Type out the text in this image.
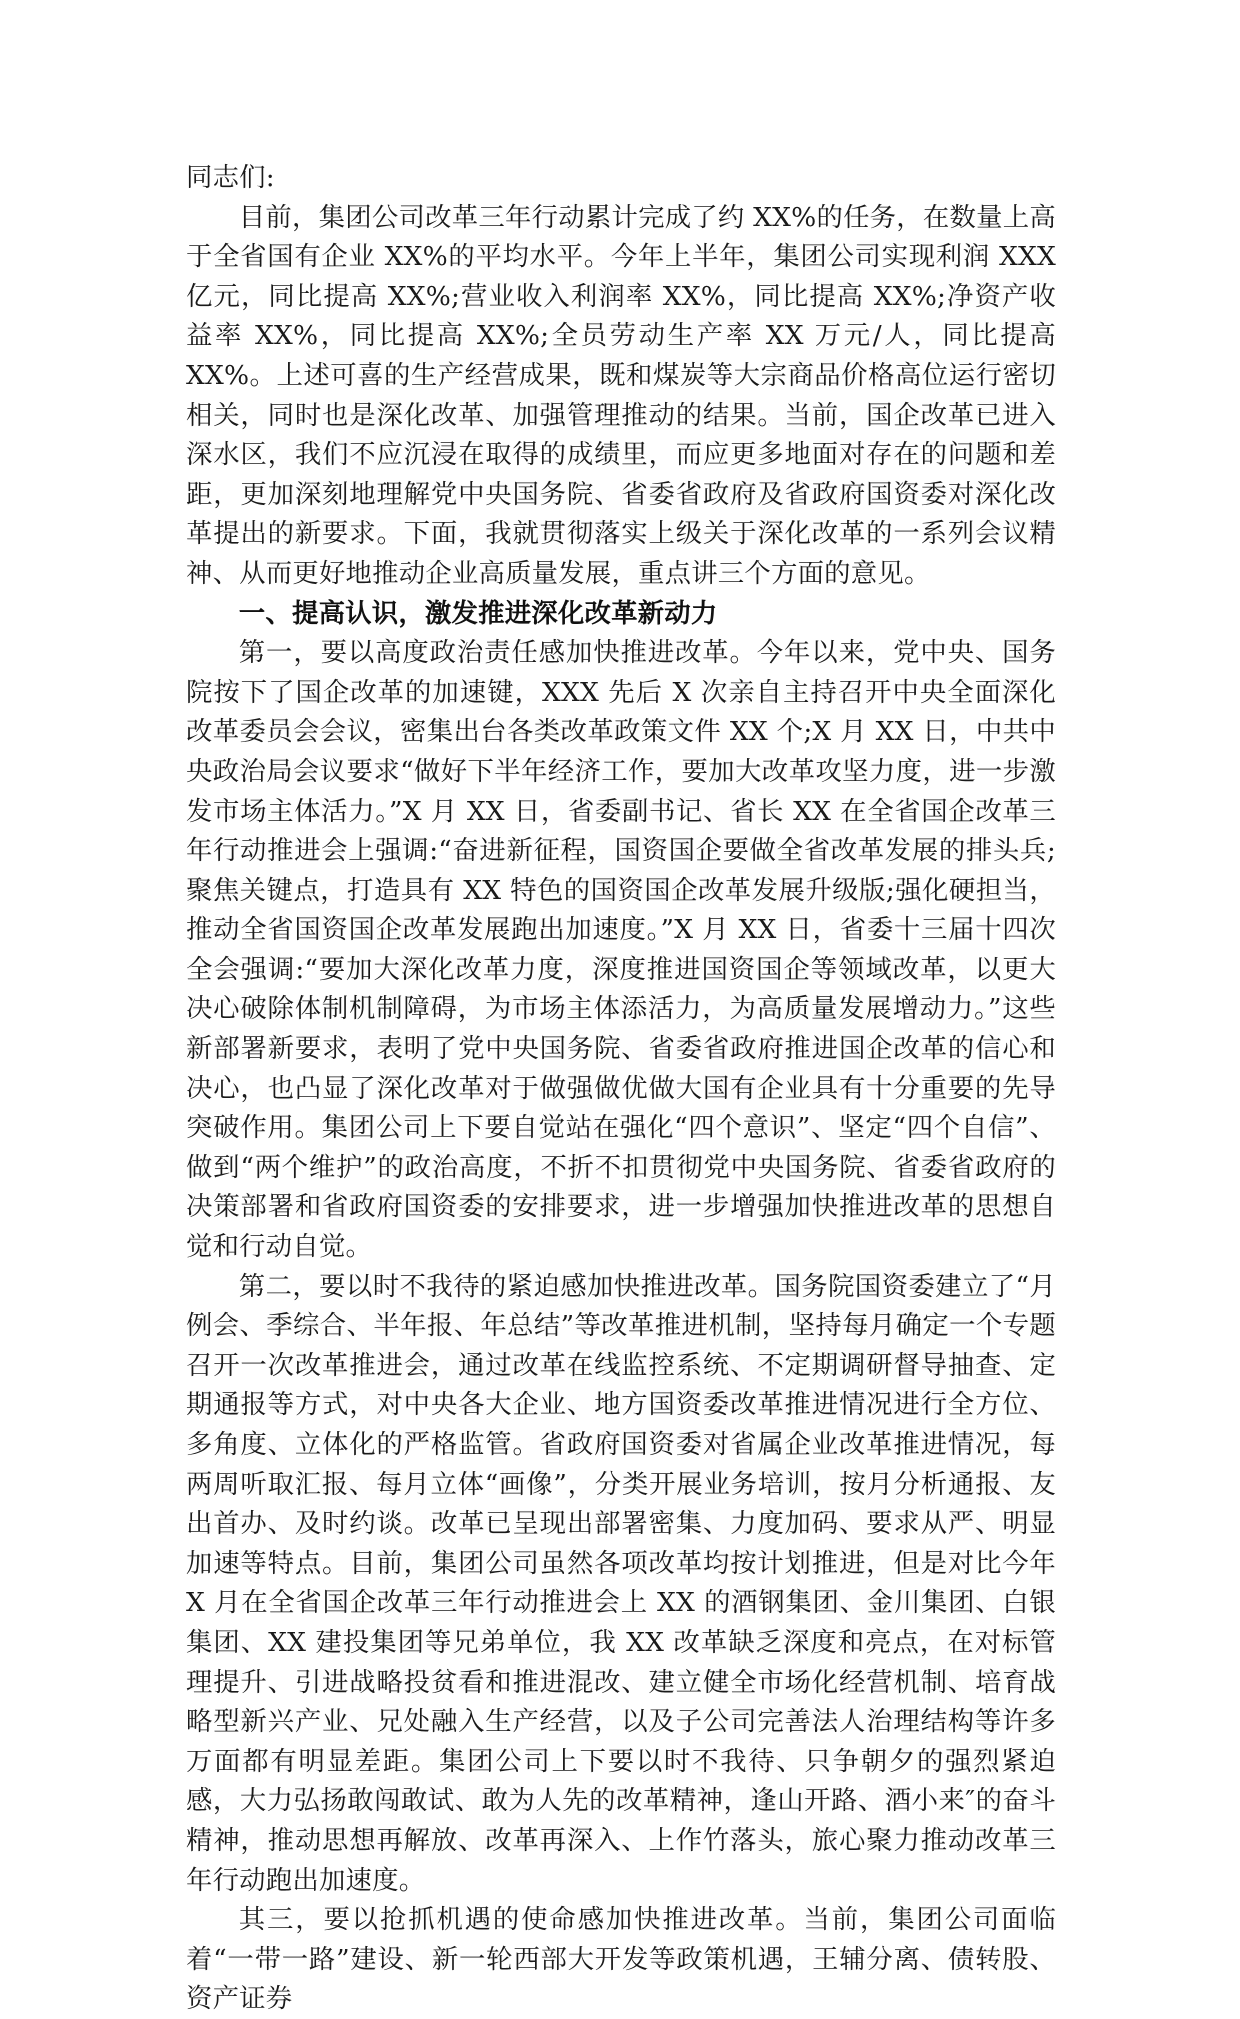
同志们:

目前，集团公司改革三年行动累计完成了约 XX%的任务，在数量上高于全省国有企业 XX%的平均水平。今年上半年，集团公司实现利润 XXX 亿元，同比提高 XX%;营业收入利润率 XX%，同比提高 XX%;净资产收益率 XX%，同比提高 XX%;全员劳动生产率 XX 万元/人，同比提高 XX%。上述可喜的生产经营成果，既和煤炭等大宗商品价格高位运行密切相关，同时也是深化改革、加强管理推动的结果。当前，国企改革已进入深水区，我们不应沉浸在取得的成绩里，而应更多地面对存在的问题和差距，更加深刻地理解党中央国务院、省委省政府及省政府国资委对深化改革提出的新要求。下面，我就贯彻落实上级关于深化改革的一系列会议精神、从而更好地推动企业高质量发展，重点讲三个方面的意见。

一、提高认识，激发推进深化改革新动力

第一，要以高度政治责任感加快推进改革。今年以来，党中央、国务院按下了国企改革的加速键，XXX 先后 X 次亲自主持召开中央全面深化改革委员会会议，密集出台各类改革政策文件 XX 个;X 月 XX 日，中共中央政治局会议要求“做好下半年经济工作，要加大改革攻坚力度，进一步激发市场主体活力。”X 月 XX 日，省委副书记、省长 XX 在全省国企改革三年行动推进会上强调:“奋进新征程，国资国企要做全省改革发展的排头兵;聚焦关键点，打造具有 XX 特色的国资国企改革发展升级版;强化硬担当，推动全省国资国企改革发展跑出加速度。”X 月 XX 日，省委十三届十四次全会强调:“要加大深化改革力度，深度推进国资国企等领域改革，以更大决心破除体制机制障碍，为市场主体添活力，为高质量发展增动力。”这些新部署新要求，表明了党中央国务院、省委省政府推进国企改革的信心和决心，也凸显了深化改革对于做强做优做大国有企业具有十分重要的先导突破作用。集团公司上下要自觉站在强化“四个意识”、坚定“四个自信”、做到“两个维护”的政治高度，不折不扣贯彻党中央国务院、省委省政府的决策部署和省政府国资委的安排要求，进一步增强加快推进改革的思想自觉和行动自觉。

第二，要以时不我待的紧迫感加快推进改革。国务院国资委建立了“月例会、季综合、半年报、年总结”等改革推进机制，坚持每月确定一个专题召开一次改革推进会，通过改革在线监控系统、不定期调研督导抽查、定期通报等方式，对中央各大企业、地方国资委改革推进情况进行全方位、多角度、立体化的严格监管。省政府国资委对省属企业改革推进情况，每两周听取汇报、每月立体“画像”，分类开展业务培训，按月分析通报、友出首办、及时约谈。改革已呈现出部署密集、力度加码、要求从严、明显加速等特点。目前，集团公司虽然各项改革均按计划推进，但是对比今年 X 月在全省国企改革三年行动推进会上 XX 的酒钢集团、金川集团、白银集团、XX 建投集团等兄弟单位，我 XX 改革缺乏深度和亮点，在对标管理提升、引进战略投贫看和推进混改、建立健全市场化经营机制、培育战略型新兴产业、兄处融入生产经营，以及子公司完善法人治理结构等许多万面都有明显差距。集团公司上下要以时不我待、只争朝夕的强烈紧迫感，大力弘扬敢闯敢试、敢为人先的改革精神，逢山开路、酒小来″的奋斗精神，推动思想再解放、改革再深入、上作竹落头，旅心聚力推动改革三年行动跑出加速度。

其三，要以抢抓机遇的使命感加快推进改革。当前，集团公司面临着“一带一路”建设、新一轮西部大开发等政策机遇，王辅分离、债转股、资产证券
